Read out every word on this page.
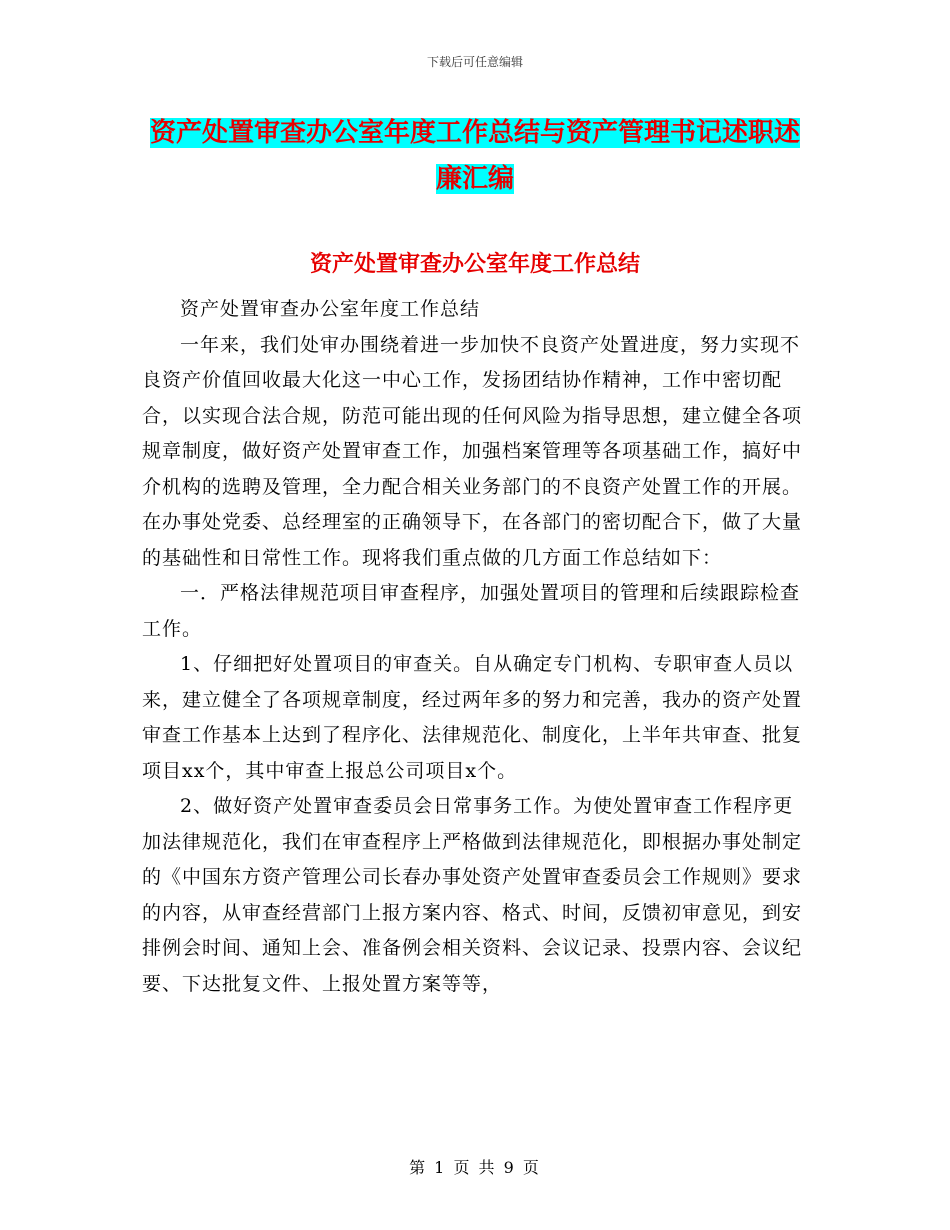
下载后可任意编辑
资产处置审查办公室年度工作总结与资产管理书记述职述廉汇编
资产处置审查办公室年度工作总结

资产处置审查办公室年度工作总结

一年来，我们处审办围绕着进一步加快不良资产处置进度，努力实现不良资产价值回收最大化这一中心工作，发扬团结协作精神，工作中密切配合，以实现合法合规，防范可能出现的任何风险为指导思想，建立健全各项规章制度，做好资产处置审查工作，加强档案管理等各项基础工作，搞好中介机构的选聘及管理，全力配合相关业务部门的不良资产处置工作的开展。在办事处党委、总经理室的正确领导下，在各部门的密切配合下，做了大量的基础性和日常性工作。现将我们重点做的几方面工作总结如下：

一．严格法律规范项目审查程序，加强处置项目的管理和后续跟踪检查工作。

1、仔细把好处置项目的审查关。自从确定专门机构、专职审查人员以来，建立健全了各项规章制度，经过两年多的努力和完善，我办的资产处置审查工作基本上达到了程序化、法律规范化、制度化，上半年共审查、批复项目xx个，其中审查上报总公司项目x个。

2、做好资产处置审查委员会日常事务工作。为使处置审查工作程序更加法律规范化，我们在审查程序上严格做到法律规范化，即根据办事处制定的《中国东方资产管理公司长春办事处资产处置审查委员会工作规则》要求的内容，从审查经营部门上报方案内容、格式、时间，反馈初审意见，到安排例会时间、通知上会、准备例会相关资料、会议记录、投票内容、会议纪要、下达批复文件、上报处置方案等等，

第 1 页 共 9 页
